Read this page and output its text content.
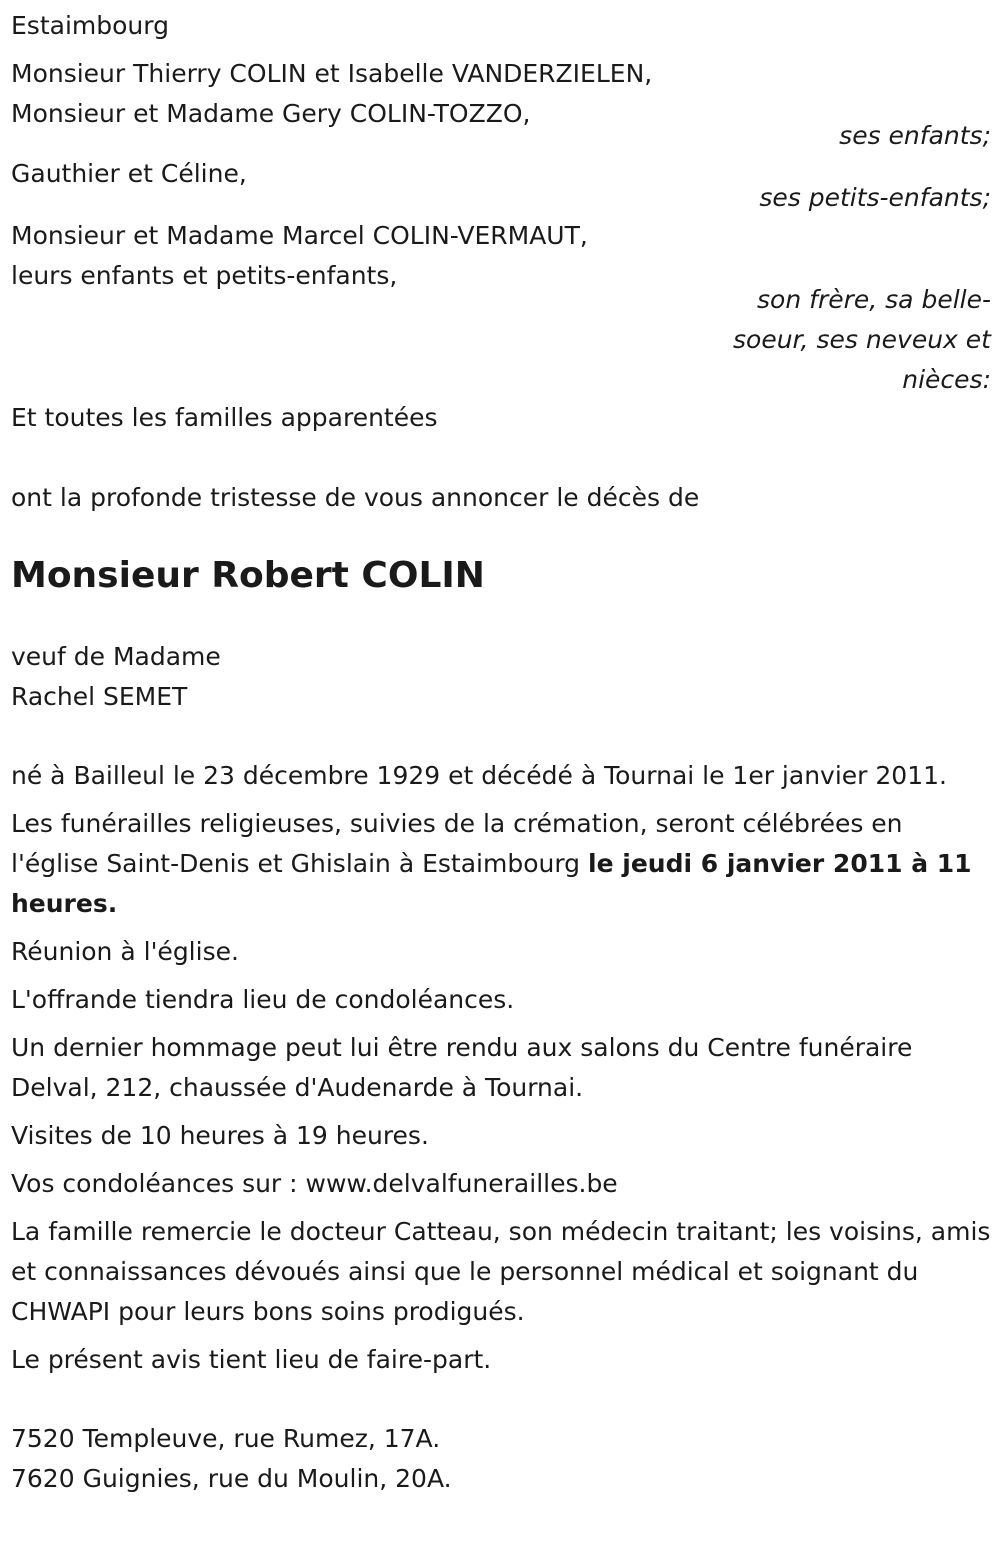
Estaimbourg
Monsieur Thierry COLIN et Isabelle VANDERZIELEN,
Monsieur et Madame Gery COLIN-TOZZO,
ses enfants;
Gauthier et Céline,
ses petits-enfants;
Monsieur et Madame Marcel COLIN-VERMAUT,
leurs enfants et petits-enfants,
son frère, sa belle-
soeur, ses neveux et
nièces:
Et toutes les familles apparentées
ont la profonde tristesse de vous annoncer le décès de
Monsieur Robert COLIN
veuf de Madame
Rachel SEMET

né à Bailleul le 23 décembre 1929 et décédé à Tournai le 1er janvier 2011.

Les funérailles religieuses, suivies de la crémation, seront célébrées en l'église Saint-Denis et Ghislain à Estaimbourg le jeudi 6 janvier 2011 à 11 heures.

Réunion à l'église.

L'offrande tiendra lieu de condoléances.

Un dernier hommage peut lui être rendu aux salons du Centre funéraire Delval, 212, chaussée d'Audenarde à Tournai.

Visites de 10 heures à 19 heures.

Vos condoléances sur : www.delvalfunerailles.be

La famille remercie le docteur Catteau, son médecin traitant; les voisins, amis et connaissances dévoués ainsi que le personnel médical et soignant du CHWAPI pour leurs bons soins prodigués.

Le présent avis tient lieu de faire-part.

7520 Templeuve, rue Rumez, 17A.
7620 Guignies, rue du Moulin, 20A.
